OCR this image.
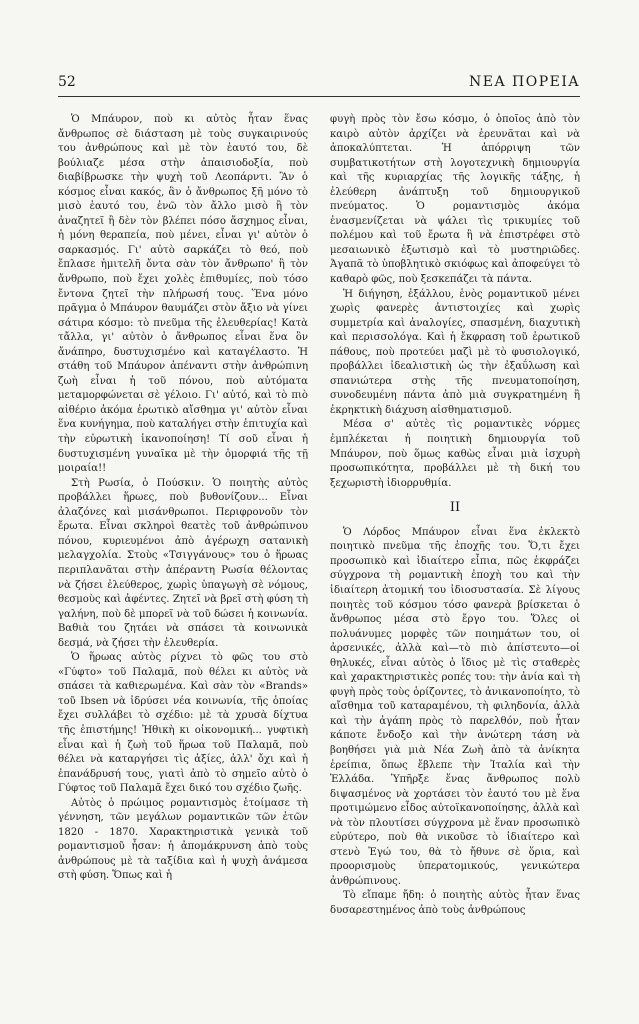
52	ΝΕΑ ΠΟΡΕΙΑ

Ὁ Μπάυρον, ποὺ κι αὐτὸς ἦταν ἕνας ἄνθρωπος σὲ διάσταση μὲ τοὺς συγκαιρινούς του ἀνθρώπους καὶ μὲ τὸν ἑαυτό του, δὲ βούλιαζε μέσα στὴν ἀπαισιοδοξία, ποὺ διαβίβρωσκε τὴν ψυχὴ τοῦ Λεοπάρντι. Ἂν ὁ κόσμος εἶναι κακός, ἂν ὁ ἄνθρωπος ξῆ μόνο τὸ μισὸ ἑαυτό του, ἐνῶ τὸν ἄλλο μισὸ ἢ τὸν ἀναζητεῖ ἢ δὲν τὸν βλέπει πόσο ἄσχημος εἶναι, ἡ μόνη θεραπεία, ποὺ μένει, εἶναι γι' αὐτὸν ὁ σαρκασμός. Γι' αὐτὸ σαρκάζει τὸ θεό, ποὺ ἔπλασε ἡμιτελῆ ὄντα σὰν τὸν ἄνθρωπο' ἢ τὸν ἄνθρωπο, ποὺ ἔχει χολὲς ἐπιθυμίες, ποὺ τόσο ἔντονα ζητεῖ τὴν πλήρωσή τους. Ἕνα μόνο πρᾶγμα ὁ Μπάυρον θαυμάζει στὸν ἄξιο νὰ γίνει σάτιρα κόσμο: τὸ πνεῦμα τῆς ἐλευθερίας! Κατὰ τἄλλα, γι' αὐτὸν ὁ ἄνθρωπος εἶναι ἕνα ὂν ἄνάπηρο, δυστυχισμένο καὶ καταγέλαστο. Ἡ στάθη τοῦ Μπάυρον ἀπέναντι στὴν ἀνθρώπινη ζωὴ εἶναι ἡ τοῦ πόνου, ποὺ αὐτόματα μεταμορφώνεται σὲ γέλοιο. Γι' αὐτό, καὶ τὸ πιὸ αἰθέριο ἀκόμα ἐρωτικὸ αἴσθημα γι' αὐτὸν εἶναι ἕνα κυνήγημα, ποὺ καταλήγει στὴν ἐπιτυχία καὶ τὴν εὐρωτικὴ ἱκανοποίηση! Τί σοῦ εἶναι ἡ δυστυχισμένη γυναῖκα μὲ τὴν ὁμορφιά τῆς τῇ μοιραία!!

Στὴ Ρωσία, ὁ Πούσκιν. Ὁ ποιητὴς αὐτὸς προβάλλει ἥρωες, ποὺ βυθονίζουν... Εἶναι ἀλαζόνες καὶ μισάνθρωποι. Περιφρονοῦν τὸν ἔρωτα. Εἶναι σκληροὶ θεατὲς τοῦ ἀνθρώπινου πόνου, κυριευμένοι ἀπὸ ἀγέρωχη σατανικὴ μελαγχολία. Στοὺς «Τσιγγάνους» του ὁ ἥρωας περιπλανᾶται στὴν ἀπέραντη Ρωσία θέλοντας νὰ ζήσει ἐλεύθερος, χωρὶς ὑπαγωγὴ σὲ νόμους, θεσμοὺς καὶ ἀφέντες. Ζητεῖ νὰ βρεῖ στὴ φύση τὴ γαλήνη, ποὺ δὲ μπορεῖ νὰ τοῦ δώσει ἡ κοινωνία. Βαθιὰ του ζητάει νὰ σπάσει τὰ κοινωνικὰ δεσμά, νὰ ζήσει τὴν ἐλευθερία.

Ὁ ἥρωας αὐτὸς ρίχνει τὸ φῶς του στὸ «Γύφτο» τοῦ Παλαμᾶ, ποὺ θέλει κι αὐτὸς νὰ σπάσει τὰ καθιερωμένα. Καὶ σὰν τὸν «Brands» τοῦ Ibsen νὰ ἰδρύσει νέα κοινωνία, τῆς ὁποίας ἔχει συλλάβει τὸ σχέδιο: μὲ τὰ χρυσὰ δίχτυα τῆς ἐπιστήμης! Ἠθικὴ κι οἰκονομική... γυφτικὴ εἶναι καὶ ἡ ζωὴ τοῦ ἥρωα τοῦ Παλαμᾶ, ποὺ θέλει νὰ καταργήσει τὶς ἀξίες, ἀλλ' ὄχι καὶ ἡ ἐπανάδρυσή τους, γιατὶ ἀπὸ τὸ σημεῖο αὐτὸ ὁ Γύφτος τοῦ Παλαμᾶ ἔχει δικό του σχέδιο ζωῆς.

Αὐτὸς ὁ πρώιμος ρομαντισμὸς ἑτοίμασε τὴ γέννηση, τῶν μεγάλων ρομαντικῶν τῶν ἐτῶν 1820 - 1870. Χαρακτηριστικὰ γενικὰ τοῦ ρομαντισμοῦ ἦσαν: ἡ ἀπομάκρυνση ἀπὸ τοὺς ἀνθρώπους μὲ τὰ ταξίδια καὶ ἡ ψυχὴ ἀνάμεσα στὴ φύση. Ὅπως καὶ ἡ

φυγὴ πρὸς τὸν ἔσω κόσμο, ὁ ὁποῖος ἀπὸ τὸν καιρὸ αὐτὸν ἀρχίζει νὰ ἐρευνᾶται καὶ νὰ ἀποκαλύπτεται. Ἡ ἀπόρριψη τῶν συμβατικοτήτων στὴ λογοτεχνικὴ δημιουργία καὶ τῆς κυριαρχίας τῆς λογικῆς τάξης, ἡ ἐλεύθερη ἀνάπτυξη τοῦ δημιουργικοῦ πνεύματος. Ὁ ρομαντισμὸς ἀκόμα ἐνασμενίζεται νὰ ψάλει τὶς τρικυμίες τοῦ πολέμου καὶ τοῦ ἔρωτα ἢ νὰ ἐπιστρέφει στὸ μεσαιωνικὸ ἐξωτισμὸ καὶ τὸ μυστηριῶδες. Ἀγαπᾶ τὸ ὑποβλητικὸ σκιόφως καὶ ἀποφεύγει τὸ καθαρὸ φῶς, ποὺ ξεσκεπάζει τὰ πάντα.

Ἡ διήγηση, ἐξάλλου, ἑνὸς ρομαντικοῦ μένει χωρὶς φανερὲς ἀντιστοιχίες καὶ χωρὶς συμμετρία καὶ ἀναλογίες, σπασμένη, διαχυτικὴ καὶ περισσολόγα. Καὶ ἡ ἔκφραση τοῦ ἐρωτικοῦ πάθους, ποὺ προτεύει μαζὶ μὲ τὸ φυσιολογικό, προβάλλει ἰδεαλιστικὴ ὡς τὴν ἐξαΰλωση καὶ σπανιώτερα στὴς τῆς πνευματοποίηση, συνοδευμένη πάντα ἀπὸ μιὰ συγκρατημένη ἢ ἐκρηκτικὴ διάχυση αἰσθηματισμοῦ.

Μέσα σ' αὐτὲς τὶς ρομαντικὲς νόρμες ἐμπλέκεται ἡ ποιητικὴ δημιουργία τοῦ Μπάυρον, ποὺ ὅμως καθὼς εἶναι μιὰ ἰσχυρὴ προσωπικότητα, προβάλλει μὲ τὴ δική του ξεχωριστὴ ἰδιορρυθμία.

II

Ὁ Λόρδος Μπάυρον εἶναι ἕνα ἐκλεκτὸ ποιητικὸ πνεῦμα τῆς ἐποχῆς του. Ὅ,τι ἔχει προσωπικὸ καὶ ἰδιαίτερο εἶπια, πῶς ἐκφράζει σύγχρονα τὴ ρομαντικὴ ἐποχὴ του καὶ τὴν ἰδιαίτερη ἀτομική του ἰδιοσυστασία. Σὲ λίγους ποιητὲς τοῦ κόσμου τόσο φανερὰ βρίσκεται ὁ ἄνθρωπος μέσα στὸ ἔργο του. Ὅλες οἱ πολυάνυμες μορφὲς τῶν ποιημάτων του, οἱ ἀρσενικές, ἀλλὰ καὶ—τὸ πιὸ ἀπίστευτο—οἱ θηλυκές, εἶναι αὐτὸς ὁ ἴδιος μὲ τὶς σταθερὲς καὶ χαρακτηριστικὲς ροπές του: τὴν ἀνία καὶ τὴ φυγὴ πρὸς τοὺς ὁρίζοντες, τὸ ἀνικανοποίητο, τὸ αἴσθημα τοῦ καταραμένου, τὴ φιληδονία, ἀλλὰ καὶ τὴν ἀγάπη πρὸς τὸ παρελθόν, ποὺ ἦταν κάποτε ἔνδοξο καὶ τὴν ἀνώτερη τάση νὰ βοηθήσει γιὰ μιὰ Νέα Ζωὴ ἀπὸ τὰ ἀνίκητα ἐρείπια, ὅπως ἔβλεπε τὴν Ἰταλία καὶ τὴν Ἑλλάδα. Ὑπῆρξε ἕνας ἄνθρωπος πολὺ διψασμένος νὰ χορτάσει τὸν ἑαυτό του μὲ ἕνα προτιμώμενο εἶδος αὐτοϊκανοποίησης, ἀλλὰ καὶ νὰ τὸν πλουτίσει σύγχρονα μὲ ἕναν προσωπικὸ εὐρύτερο, ποὺ θὰ νικοῦσε τὸ ἰδιαίτερο καὶ στενὸ Ἐγώ του, θὰ τὸ ἤθυνε σὲ ὅρια, καὶ προορισμοὺς ὑπερατομικούς, γενικώτερα ἀνθρώπινους.

Τὸ εἴπαμε ἤδη: ὁ ποιητὴς αὐτὸς ἦταν ἕνας δυσαρεστημένος ἀπὸ τοὺς ἀνθρώπους
